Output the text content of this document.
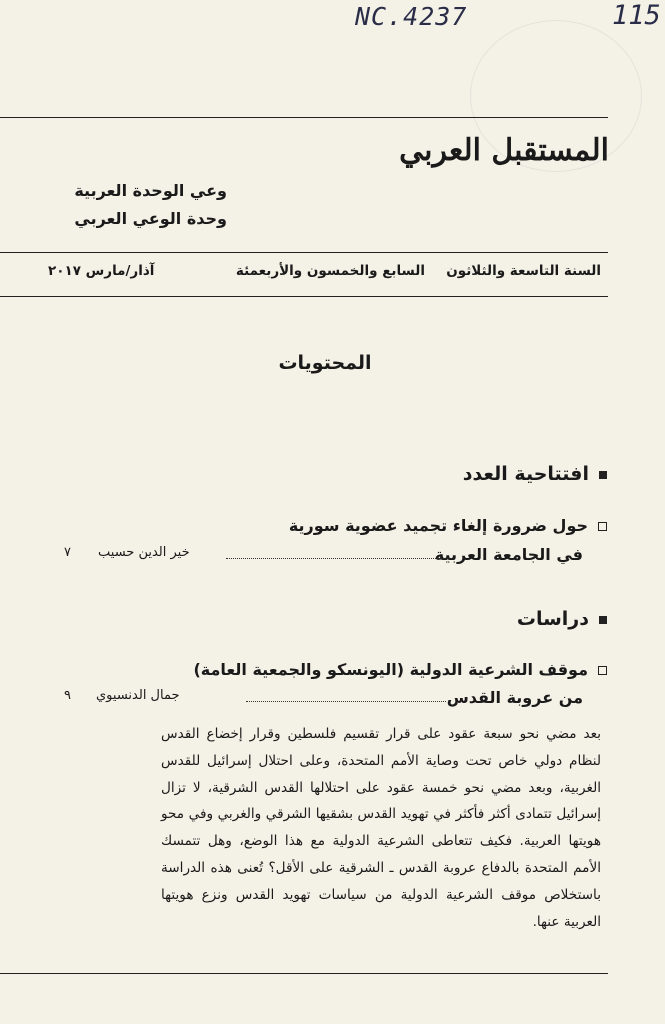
NC.4237	115
المستقبل العربي
وعي الوحدة العربية
وحدة الوعي العربي
السنة التاسعة والثلاثون
السابع والخمسون والأربعمئة
آذار/مارس ٢٠١٧
المحتويات
افتتاحية العدد
حول ضرورة إلغاء تجميد عضوية سورية
في الجامعة العربية
خير الدين حسيب
٧
دراسات
موقف الشرعية الدولية (اليونسكو والجمعية العامة)
من عروبة القدس
جمال الدنسيوي
٩
بعد مضي نحو سبعة عقود على قرار تقسيم فلسطين وقرار إخضاع القدس لنظام دولي خاص تحت وصاية الأمم المتحدة، وعلى احتلال إسرائيل للقدس الغربية، وبعد مضي نحو خمسة عقود على احتلالها القدس الشرقية، لا تزال إسرائيل تتمادى أكثر فأكثر في تهويد القدس بشقيها الشرقي والغربي وفي محو هويتها العربية. فكيف تتعاطى الشرعية الدولية مع هذا الوضع، وهل تتمسك الأمم المتحدة بالدفاع عروبة القدس ـ الشرقية على الأقل؟ تُعنى هذه الدراسة باستخلاص موقف الشرعية الدولية من سياسات تهويد القدس ونزع هويتها العربية عنها.
